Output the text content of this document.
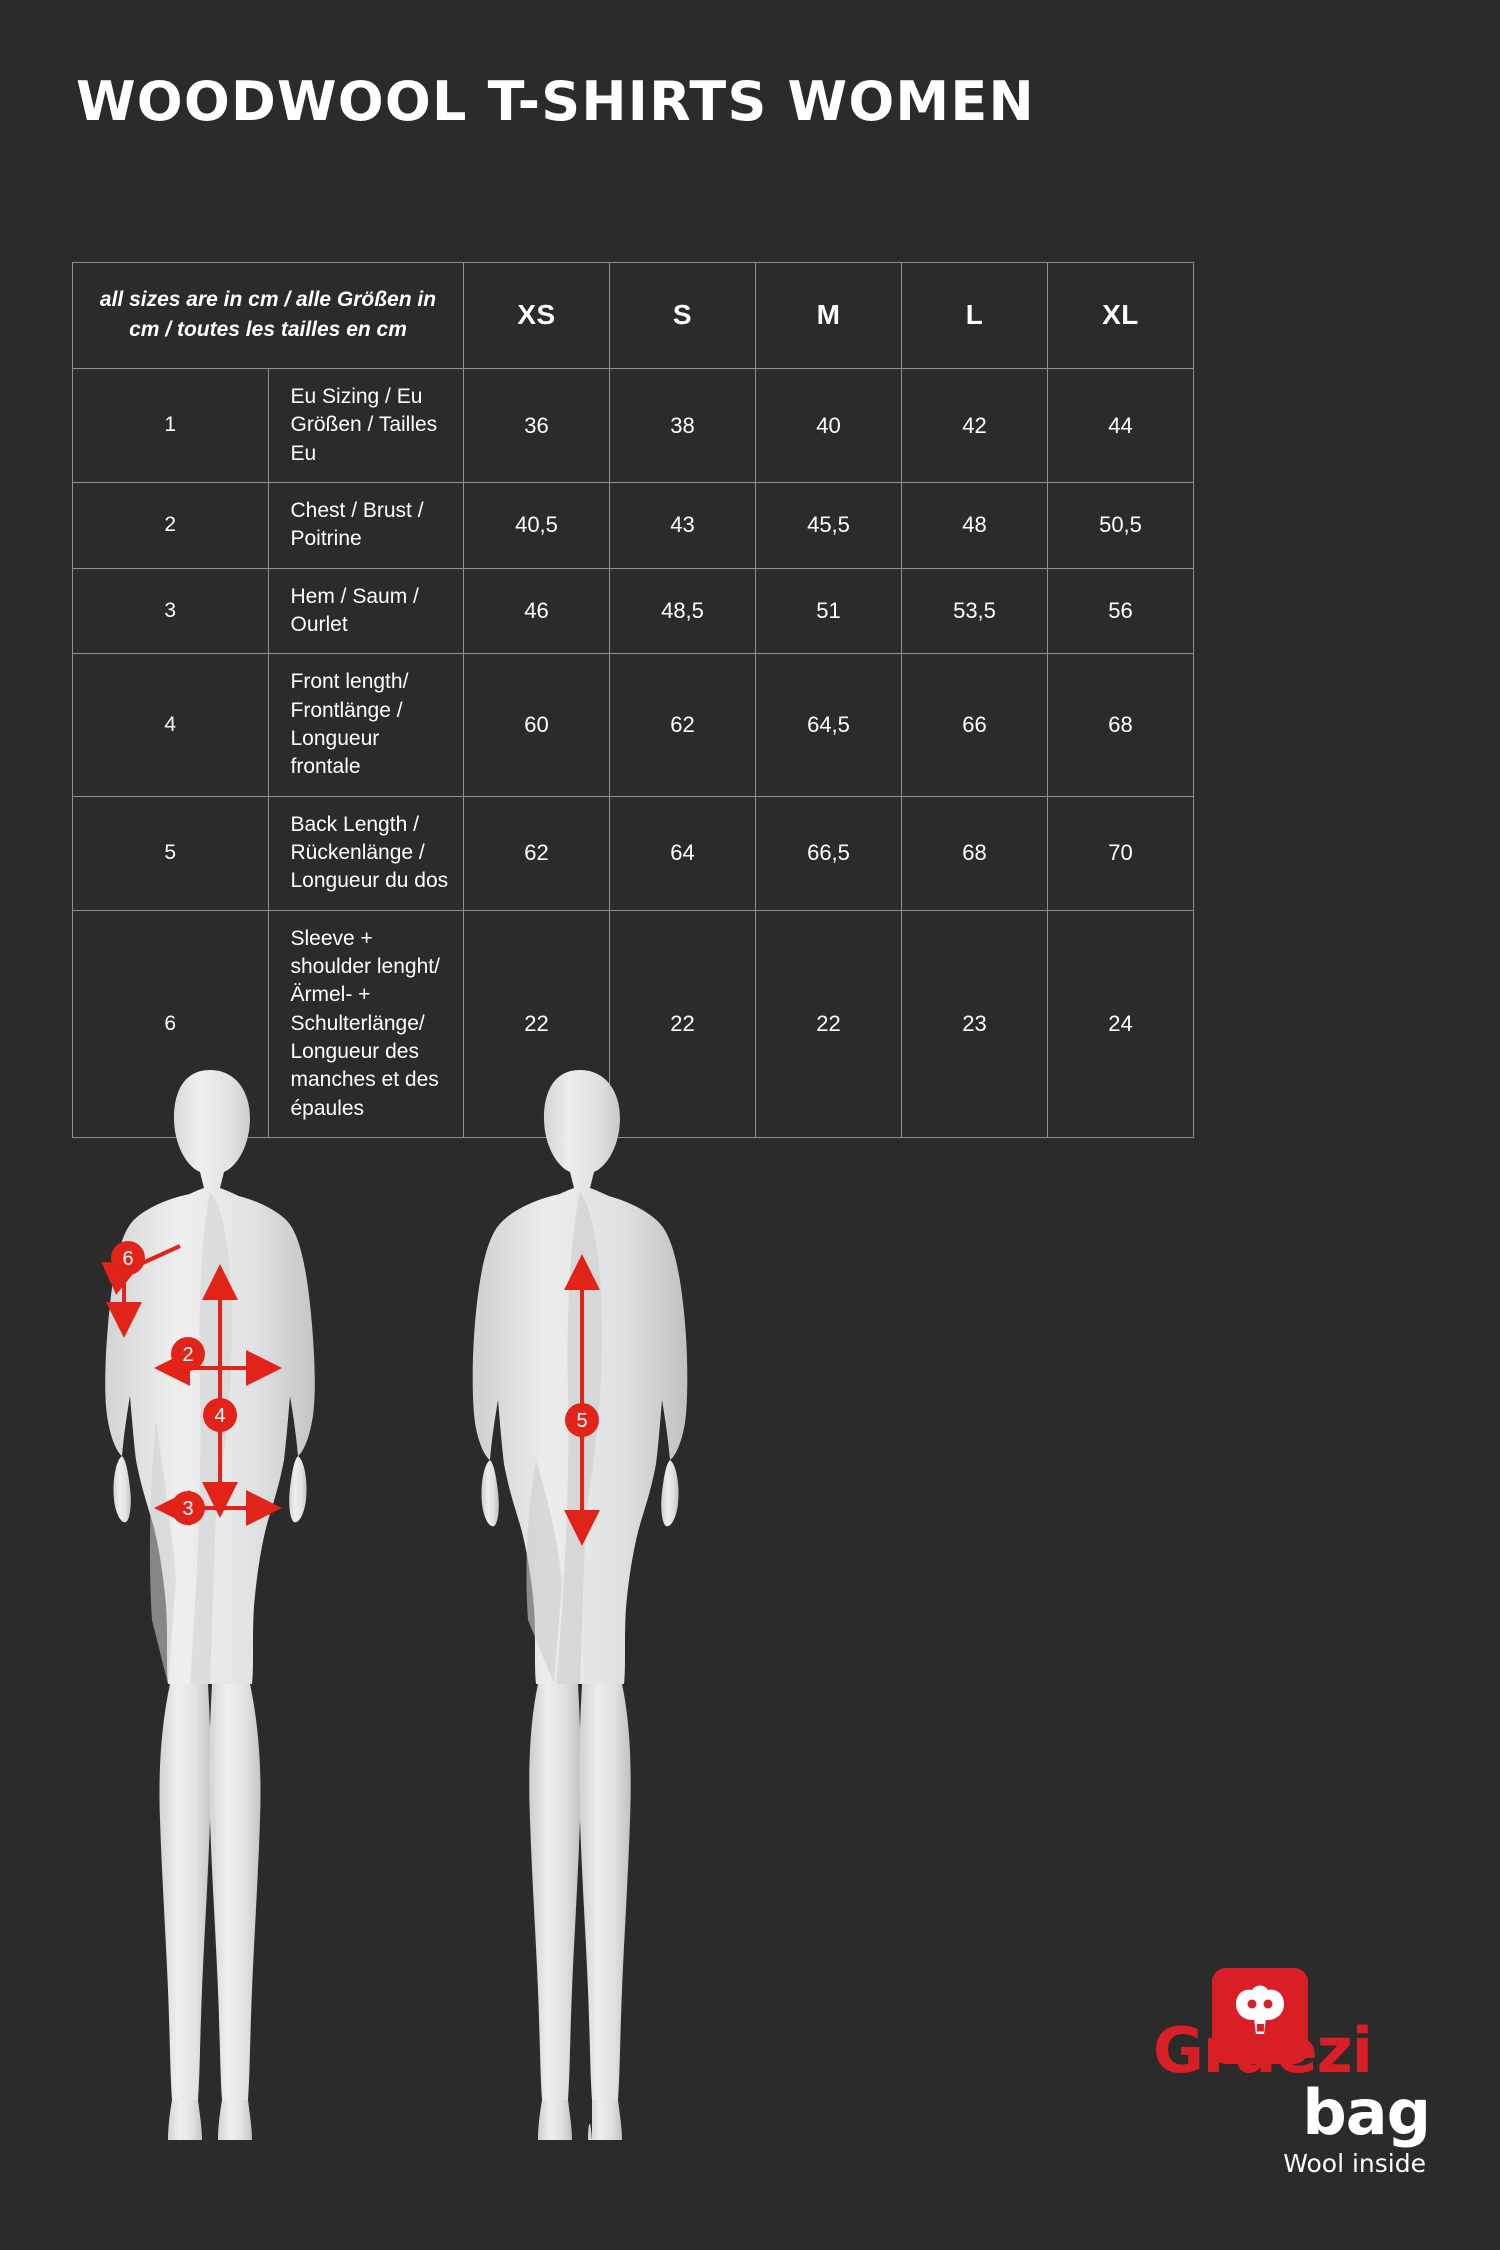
WOODWOOL T-SHIRTS WOMEN
all sizes are in cm / alle Größen in cm / toutes les tailles en cm		XS	S	M	L	XL
1	Eu Sizing / Eu Größen / Tailles Eu	36	38	40	42	44
2	Chest / Brust / Poitrine	40,5	43	45,5	48	50,5
3	Hem / Saum / Ourlet	46	48,5	51	53,5	56
4	Front length/ Frontlänge / Longueur frontale	60	62	64,5	66	68
5	Back Length / Rückenlänge / Longueur du dos	62	64	66,5	68	70
6	Sleeve + shoulder lenght/ Ärmel- + Schulterlänge/ Longueur des manches et des épaules	22	22	22	23	24
6
2
4
3
5
Grüezibag
Wool inside
